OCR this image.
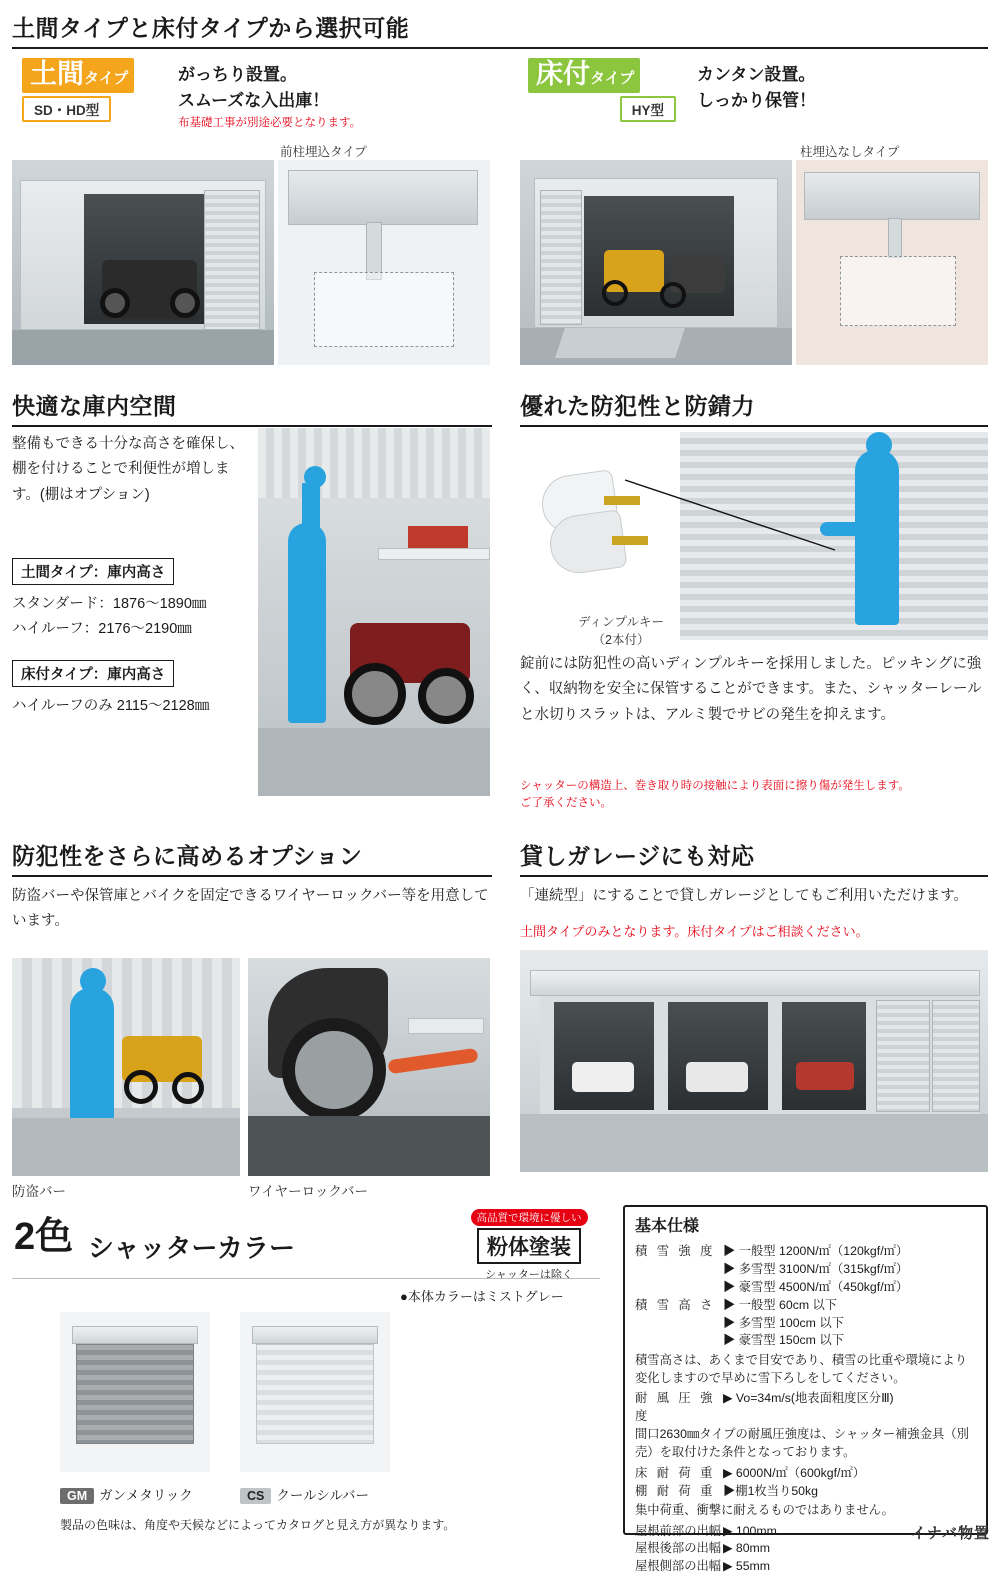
土間タイプと床付タイプから選択可能
土間タイプ SD・HD型
がっちり設置。
スムーズな入出庫！
布基礎工事が別途必要となります。
床付タイプ
HY型
カンタン設置。
しっかり保管！
前柱埋込タイプ	柱埋込なしタイプ
快適な庫内空間
整備もできる十分な高さを確保し、棚を付けることで利便性が増します。(棚はオプション)
土間タイプ：庫内高さ
スタンダード：1876〜1890㎜
ハイルーフ：2176〜2190㎜
床付タイプ：庫内高さ
ハイルーフのみ 2115〜2128㎜
優れた防犯性と防錆力
ディンプルキー
（2本付）
錠前には防犯性の高いディンプルキーを採用しました。ピッキングに強く、収納物を安全に保管することができます。また、シャッターレールと水切りスラットは、アルミ製でサビの発生を抑えます。
シャッターの構造上、巻き取り時の接触により表面に擦り傷が発生します。
ご了承ください。
防犯性をさらに高めるオプション
防盗バーや保管庫とバイクを固定できるワイヤーロックバー等を用意しています。
防盗バー	ワイヤーロックバー
貸しガレージにも対応
「連続型」にすることで貸しガレージとしてもご利用いただけます。
土間タイプのみとなります。床付タイプはご相談ください。
2色 シャッターカラー
高品質で環境に優しい 粉体塗装
シャッターは除く
●本体カラーはミストグレー
GM ガンメタリック	CS クールシルバー
製品の色味は、角度や天候などによってカタログと見え方が異なります。
基本仕様
積 雪 強 度 ▶ 一般型 1200N/㎡（120kgf/㎡）
▶ 多雪型 3100N/㎡（315kgf/㎡）
▶ 豪雪型 4500N/㎡（450kgf/㎡）
積 雪 高 さ ▶ 一般型 60cm 以下
▶ 多雪型 100cm 以下
▶ 豪雪型 150cm 以下
積雪高さは、あくまで目安であり、積雪の比重や環境により変化しますので早めに雪下ろしをしてください。
耐 風 圧 強 度
▶ Vo=34m/s(地表面粗度区分Ⅲ)
間口2630㎜タイプの耐風圧強度は、シャッター補強金具（別売）を取付けた条件となっております。
床 耐 荷 重 ▶ 6000N/㎡（600kgf/㎡）
棚 耐 荷 重 ▶棚1枚当り50kg
集中荷重、衝撃に耐えるものではありません。
屋根前部の出幅 ▶ 100mm
屋根後部の出幅 ▶ 80mm
屋根側部の出幅 ▶ 55mm
イナバ物置
